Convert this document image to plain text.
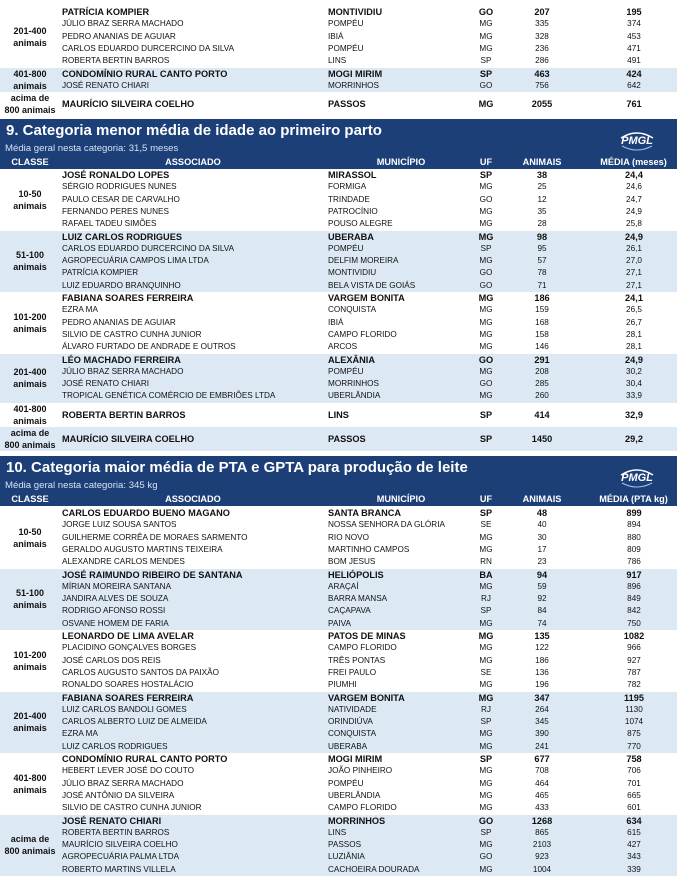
201-400
animais
PATRÍCIA KOMPIER	MONTIVIDIU	GO	207	195
JÚLIO BRAZ SERRA MACHADO	POMPÉU	MG	335	374
PEDRO ANANIAS DE AGUIAR	IBIÁ	MG	328	453
CARLOS EDUARDO DURCERCINO DA SILVA	POMPÉU	MG	236	471
ROBERTA BERTIN BARROS	LINS	SP	286	491
401-800
animais
CONDOMÍNIO RURAL CANTO PORTO	MOGI MIRIM	SP	463	424
JOSÉ RENATO CHIARI	MORRINHOS	GO	756	642
acima de
800 animais
MAURÍCIO SILVEIRA COELHO	PASSOS	MG	2055	761
9. Categoria menor média de idade ao primeiro parto
Média geral nesta categoria: 31,5 meses
PMGL
CLASSE	ASSOCIADO	MUNICÍPIO	UF	ANIMAIS	MÉDIA (meses)
10-50
animais
JOSÉ RONALDO LOPES	MIRASSOL	SP	38	24,4
SÉRGIO RODRIGUES NUNES	FORMIGA	MG	25	24,6
PAULO CESAR DE CARVALHO	TRINDADE	GO	12	24,7
FERNANDO PERES NUNES	PATROCÍNIO	MG	35	24,9
RAFAEL TADEU SIMÕES	POUSO ALEGRE	MG	28	25,8
51-100
animais
LUIZ CARLOS RODRIGUES	UBERABA	MG	98	24,9
CARLOS EDUARDO DURCERCINO DA SILVA	POMPÉU	SP	95	26,1
AGROPECUÁRIA CAMPOS LIMA LTDA	DELFIM MOREIRA	MG	57	27,0
PATRÍCIA KOMPIER	MONTIVIDIU	GO	78	27,1
LUIZ EDUARDO BRANQUINHO	BELA VISTA DE GOIÁS	GO	71	27,1
101-200
animais
FABIANA SOARES FERREIRA	VARGEM BONITA	MG	186	24,1
EZRA MA	CONQUISTA	MG	159	26,5
PEDRO ANANIAS DE AGUIAR	IBIÁ	MG	168	26,7
SILVIO DE CASTRO CUNHA JUNIOR	CAMPO FLORIDO	MG	158	28,1
ÁLVARO FURTADO DE ANDRADE E OUTROS	ARCOS	MG	146	28,1
201-400
animais
LÉO MACHADO FERREIRA	ALEXÂNIA	GO	291	24,9
JÚLIO BRAZ SERRA MACHADO	POMPÉU	MG	208	30,2
JOSÉ RENATO CHIARI	MORRINHOS	GO	285	30,4
TROPICAL GENÉTICA COMÉRCIO DE EMBRIÕES LTDA	UBERLÂNDIA	MG	260	33,9
401-800
animais
ROBERTA BERTIN BARROS	LINS	SP	414	32,9
acima de
800 animais
MAURÍCIO SILVEIRA COELHO	PASSOS	SP	1450	29,2
10. Categoria maior média de PTA e GPTA para produção de leite
Média geral nesta categoria: 345 kg
PMGL
CLASSE	ASSOCIADO	MUNICÍPIO	UF	ANIMAIS	MÉDIA (PTA kg)
10-50
animais
CARLOS EDUARDO BUENO MAGANO	SANTA BRANCA	SP	48	899
JORGE LUIZ SOUSA SANTOS	NOSSA SENHORA DA GLÓRIA	SE	40	894
GUILHERME CORRÊA DE MORAES SARMENTO	RIO NOVO	MG	30	880
GERALDO AUGUSTO MARTINS TEIXEIRA	MARTINHO CAMPOS	MG	17	809
ALEXANDRE CARLOS MENDES	BOM JESUS	RN	23	786
51-100
animais
JOSÉ RAIMUNDO RIBEIRO DE SANTANA	HELIÓPOLIS	BA	94	917
MÍRIAN MOREIRA SANTANA	ARAÇAÍ	MG	59	896
JANDIRA ALVES DE SOUZA	BARRA MANSA	RJ	92	849
RODRIGO AFONSO ROSSI	CAÇAPAVA	SP	84	842
OSVANE HOMEM DE FARIA	PAIVA	MG	74	750
101-200
animais
LEONARDO DE LIMA AVELAR	PATOS DE MINAS	MG	135	1082
PLACIDINO GONÇALVES BORGES	CAMPO FLORIDO	MG	122	966
JOSÉ CARLOS DOS REIS	TRÊS PONTAS	MG	186	927
CARLOS AUGUSTO SANTOS DA PAIXÃO	FREI PAULO	SE	136	787
RONALDO SOARES HOSTALÁCIO	PIUMHI	MG	196	782
201-400
animais
FABIANA SOARES FERREIRA	VARGEM BONITA	MG	347	1195
LUIZ CARLOS BANDOLI GOMES	NATIVIDADE	RJ	264	1130
CARLOS ALBERTO LUIZ DE ALMEIDA	ORINDIÚVA	SP	345	1074
EZRA MA	CONQUISTA	MG	390	875
LUIZ CARLOS RODRIGUES	UBERABA	MG	241	770
401-800
animais
CONDOMÍNIO RURAL CANTO PORTO	MOGI MIRIM	SP	677	758
HEBERT LEVER JOSÉ DO COUTO	JOÃO PINHEIRO	MG	708	706
JÚLIO BRAZ SERRA MACHADO	POMPÉU	MG	464	701
JOSÉ ANTÔNIO DA SILVEIRA	UBERLÂNDIA	MG	465	665
SILVIO DE CASTRO CUNHA JUNIOR	CAMPO FLORIDO	MG	433	601
acima de
800 animais
JOSÉ RENATO CHIARI	MORRINHOS	GO	1268	634
ROBERTA BERTIN BARROS	LINS	SP	865	615
MAURÍCIO SILVEIRA COELHO	PASSOS	MG	2103	427
AGROPECUÁRIA PALMA LTDA	LUZIÂNIA	GO	923	343
ROBERTO MARTINS VILLELA	CACHOEIRA DOURADA	MG	1004	339
